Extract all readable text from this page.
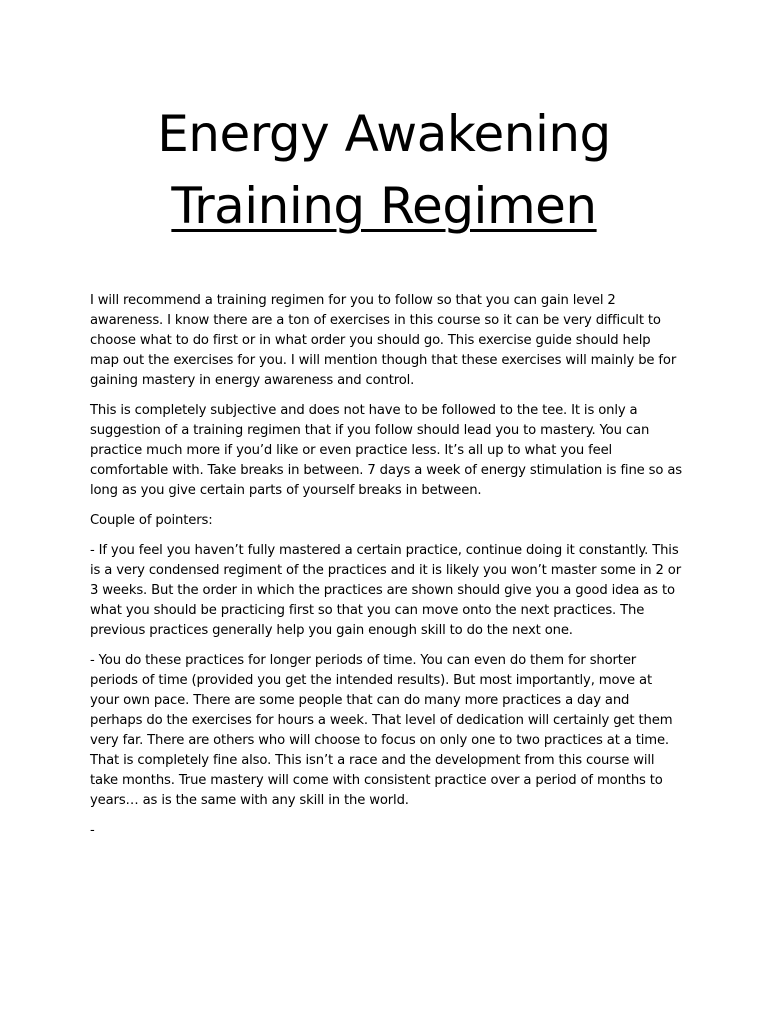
Energy Awakening
Training Regimen

I will recommend a training regimen for you to follow so that you can gain level 2 awareness. I know there are a ton of exercises in this course so it can be very difficult to choose what to do first or in what order you should go. This exercise guide should help map out the exercises for you. I will mention though that these exercises will mainly be for gaining mastery in energy awareness and control.

This is completely subjective and does not have to be followed to the tee. It is only a suggestion of a training regimen that if you follow should lead you to mastery. You can practice much more if you’d like or even practice less. It’s all up to what you feel comfortable with. Take breaks in between. 7 days a week of energy stimulation is fine so as long as you give certain parts of yourself breaks in between.

Couple of pointers:

- If you feel you haven’t fully mastered a certain practice, continue doing it constantly. This is a very condensed regiment of the practices and it is likely you won’t master some in 2 or 3 weeks. But the order in which the practices are shown should give you a good idea as to what you should be practicing first so that you can move onto the next practices. The previous practices generally help you gain enough skill to do the next one.

- You do these practices for longer periods of time. You can even do them for shorter periods of time (provided you get the intended results). But most importantly, move at your own pace. There are some people that can do many more practices a day and perhaps do the exercises for hours a week. That level of dedication will certainly get them very far. There are others who will choose to focus on only one to two practices at a time. That is completely fine also. This isn’t a race and the development from this course will take months. True mastery will come with consistent practice over a period of months to years… as is the same with any skill in the world.

-
